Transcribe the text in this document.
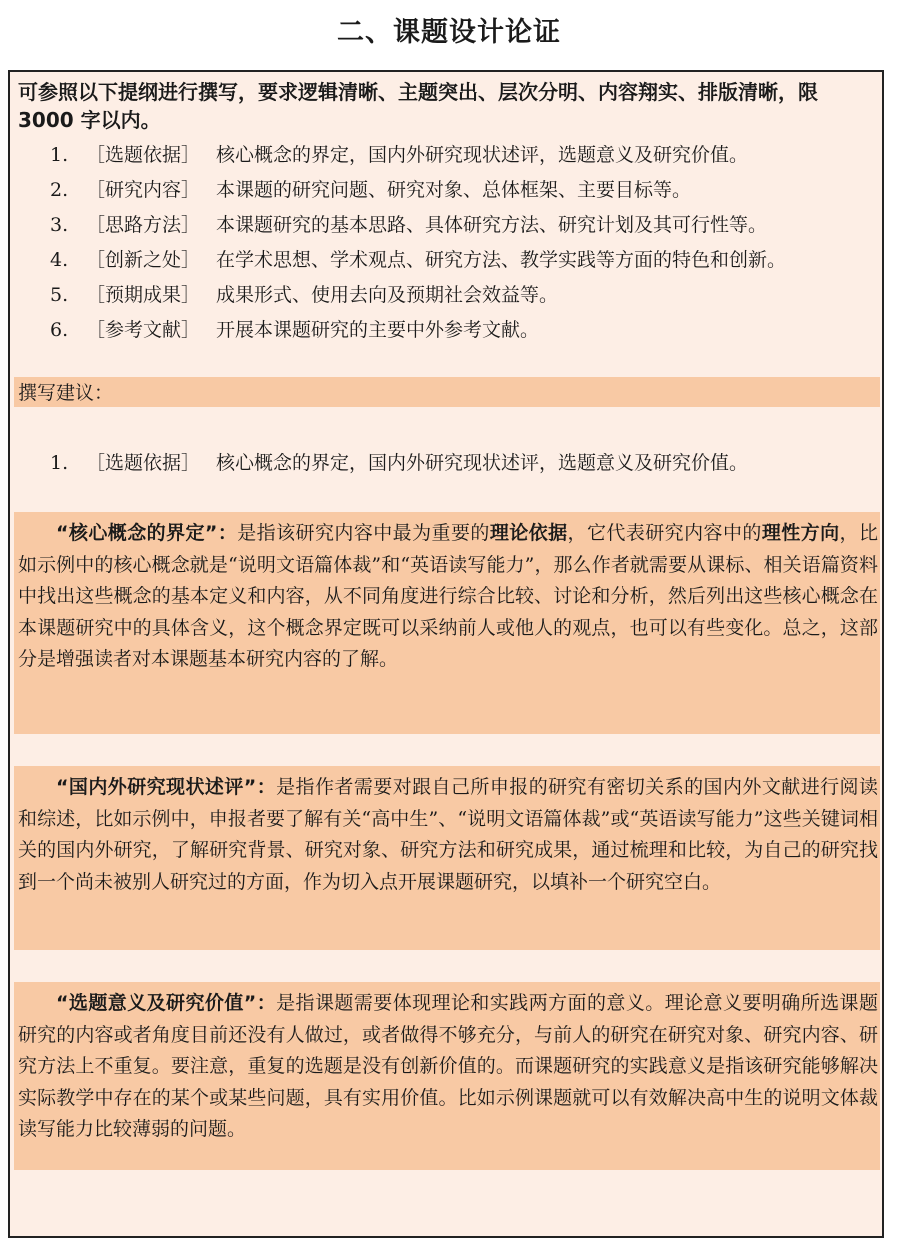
二、课题设计论证
可参照以下提纲进行撰写，要求逻辑清晰、主题突出、层次分明、内容翔实、排版清晰，限 3000 字以内。
1. ［选题依据］ 核心概念的界定，国内外研究现状述评，选题意义及研究价值。
2. ［研究内容］ 本课题的研究问题、研究对象、总体框架、主要目标等。
3. ［思路方法］ 本课题研究的基本思路、具体研究方法、研究计划及其可行性等。
4. ［创新之处］ 在学术思想、学术观点、研究方法、教学实践等方面的特色和创新。
5. ［预期成果］ 成果形式、使用去向及预期社会效益等。
6. ［参考文献］ 开展本课题研究的主要中外参考文献。
撰写建议：
1. ［选题依据］ 核心概念的界定，国内外研究现状述评，选题意义及研究价值。
“核心概念的界定”：是指该研究内容中最为重要的理论依据，它代表研究内容中的理性方向，比如示例中的核心概念就是“说明文语篇体裁”和“英语读写能力”，那么作者就需要从课标、相关语篇资料中找出这些概念的基本定义和内容，从不同角度进行综合比较、讨论和分析，然后列出这些核心概念在本课题研究中的具体含义，这个概念界定既可以采纳前人或他人的观点，也可以有些变化。总之，这部分是增强读者对本课题基本研究内容的了解。
“国内外研究现状述评”：是指作者需要对跟自己所申报的研究有密切关系的国内外文献进行阅读和综述，比如示例中，申报者要了解有关“高中生”、“说明文语篇体裁”或“英语读写能力”这些关键词相关的国内外研究，了解研究背景、研究对象、研究方法和研究成果，通过梳理和比较，为自己的研究找到一个尚未被别人研究过的方面，作为切入点开展课题研究，以填补一个研究空白。
“选题意义及研究价值”：是指课题需要体现理论和实践两方面的意义。理论意义要明确所选课题研究的内容或者角度目前还没有人做过，或者做得不够充分，与前人的研究在研究对象、研究内容、研究方法上不重复。要注意，重复的选题是没有创新价值的。而课题研究的实践意义是指该研究能够解决实际教学中存在的某个或某些问题，具有实用价值。比如示例课题就可以有效解决高中生的说明文体裁读写能力比较薄弱的问题。
